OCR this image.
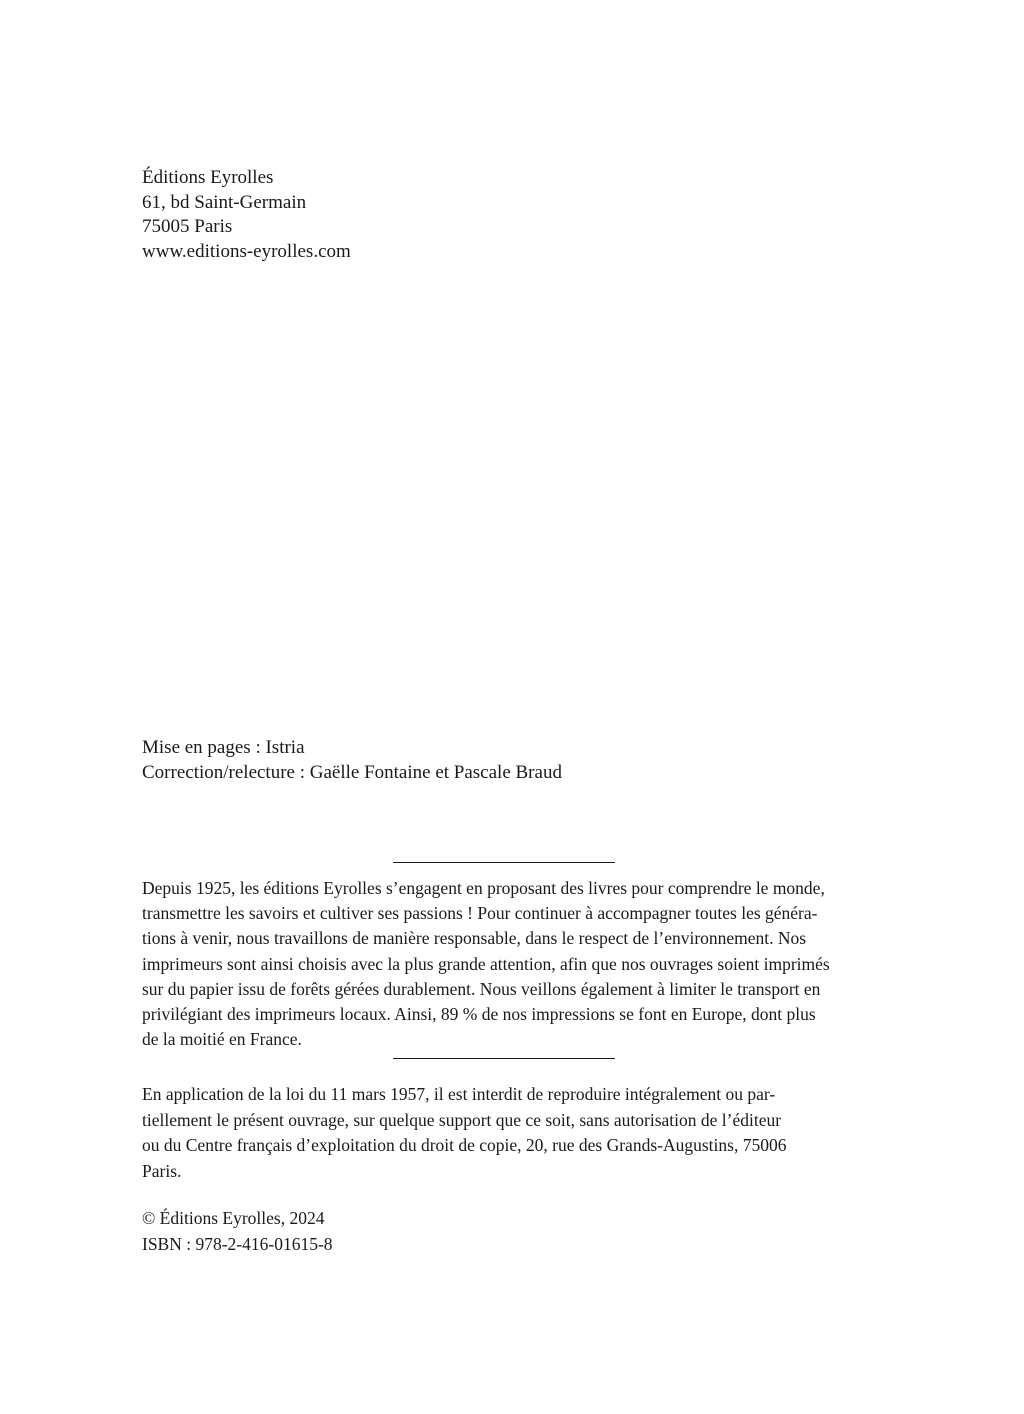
Éditions Eyrolles
61, bd Saint-Germain
75005 Paris
www.editions-eyrolles.com
Mise en pages : Istria
Correction/relecture : Gaëlle Fontaine et Pascale Braud
Depuis 1925, les éditions Eyrolles s’engagent en proposant des livres pour comprendre le monde,
transmettre les savoirs et cultiver ses passions ! Pour continuer à accompagner toutes les généra-
tions à venir, nous travaillons de manière responsable, dans le respect de l’environnement. Nos
imprimeurs sont ainsi choisis avec la plus grande attention, afin que nos ouvrages soient imprimés
sur du papier issu de forêts gérées durablement. Nous veillons également à limiter le transport en
privilégiant des imprimeurs locaux. Ainsi, 89 % de nos impressions se font en Europe, dont plus
de la moitié en France.
En application de la loi du 11 mars 1957, il est interdit de reproduire intégralement ou par-
tiellement le présent ouvrage, sur quelque support que ce soit, sans autorisation de l’éditeur
ou du Centre français d’exploitation du droit de copie, 20, rue des Grands-Augustins, 75006
Paris.
© Éditions Eyrolles, 2024
ISBN : 978-2-416-01615-8
